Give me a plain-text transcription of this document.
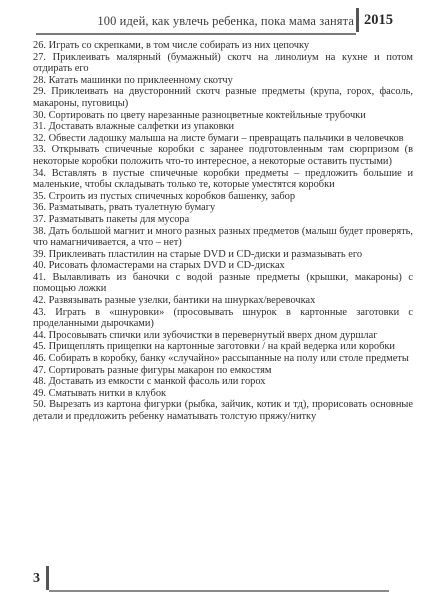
100 идей, как увлечь ребенка, пока мама занята 2015
26. Играть со скрепками, в том числе собирать из них цепочку
27. Приклеивать малярный (бумажный) скотч на линолиум на кухне и потом отдирать его
28. Катать машинки по приклеенному скотчу
29. Приклеивать на двусторонний скотч разные предметы (крупа, горох, фасоль, макароны, пуговицы)
30. Сортировать по цвету нарезанные разноцветные коктейльные трубочки
31. Доставать влажные салфетки из упаковки
32. Обвести ладошку малыша на листе бумаги – превращать пальчики в человечков
33. Открывать спичечные коробки с заранее подготовленным там сюрпризом (в некоторые коробки положить что-то интересное, а некоторые оставить пустыми)
34. Вставлять в пустые спичечные коробки предметы – предложить большие и маленькие, чтобы складывать только те, которые уместятся коробки
35. Строить из пустых спичечных коробков башенку, забор
36. Разматывать, рвать туалетную бумагу
37. Разматывать пакеты для мусора
38. Дать большой магнит и много разных разных предметов (малыш будет проверять, что намагничивается, а что – нет)
39. Приклеивать пластилин на старые DVD и CD-диски и размазывать его
40. Рисовать фломастерами на старых DVD и CD-дисках
41. Вылавливать из баночки с водой разные предметы (крышки, макароны) с помощью ложки
42. Развязывать разные узелки, бантики на шнурках/веревочках
43. Играть в «шнуровки» (просовывать шнурок в картонные заготовки с проделанными дырочками)
44. Просовывать спички или зубочистки в перевернутый вверх дном дуршлаг
45. Прищеплять прищепки на картонные заготовки / на край ведерка или коробки
46. Собирать в коробку, банку «случайно» рассыпанные на полу или столе предметы
47. Сортировать разные фигуры макарон по емкостям
48. Доставать из емкости с манкой фасоль или горох
49. Сматывать нитки в клубок
50. Вырезать из картона фигурки (рыбка, зайчик, котик и тд), прорисовать основные детали и предложить ребенку наматывать толстую пряжу/нитку
3
